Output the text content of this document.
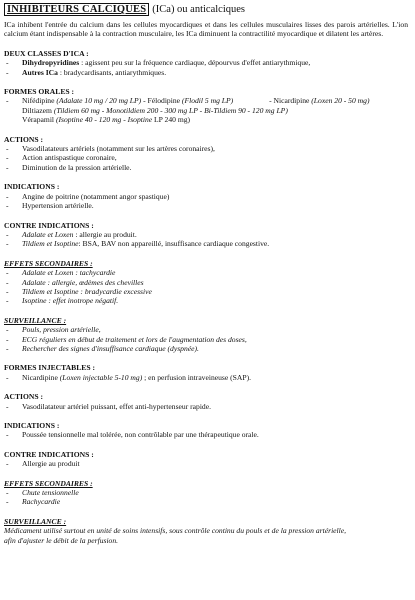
INHIBITEURS CALCIQUES (ICa) ou anticalciques

ICa inhibent l'entrée du calcium dans les cellules myocardiques et dans les cellules musculaires lisses des parois artérielles. L'ion calcium étant indispensable à la contraction musculaire, les ICa diminuent la contractilité myocardique et dilatent les artères.

DEUX CLASSES D'ICA :
- Dihydropyridines : agissent peu sur la fréquence cardiaque, dépourvus d'effet antiarythmique,
- Autres ICa : bradycardisants, antiarythmiques.
FORMES ORALES :
- Nifédipine (Adalate 10 mg / 20 mg LP) - Félodipine (Flodil 5 mg LP)	- Nicardipine (Loxen 20 - 50 mg)
Diltiazem (Tildiem 60 mg - Monotildiem 200 - 300 mg LP - Bi-Tildiem 90 - 120 mg LP)
Vérapamil (Isoptine 40 - 120 mg - Isoptine LP 240 mg)
ACTIONS :
- Vasodilatateurs artériels (notamment sur les artères coronaires),
- Action antispastique coronaire,
- Diminution de la pression artérielle.
INDICATIONS :
- Angine de poitrine (notamment angor spastique)
- Hypertension artérielle.
CONTRE INDICATIONS :
- Adalate et Loxen : allergie au produit.
- Tildiem et Isoptine: BSA, BAV non appareillé, insuffisance cardiaque congestive.
EFFETS SECONDAIRES :
- Adalate et Loxen : tachycardie
- Adalate : allergie, œdèmes des chevilles
- Tildiem et Isoptine : bradycardie excessive
- Isoptine : effet inotrope négatif.
SURVEILLANCE :
- Pouls, pression artérielle,
- ECG réguliers en début de traitement et lors de l'augmentation des doses,
- Rechercher des signes d'insuffisance cardiaque (dyspnée).
FORMES INJECTABLES :
- Nicardipine (Loxen injectable 5-10 mg) ; en perfusion intraveineuse (SAP).
ACTIONS :
- Vasodilatateur artériel puissant, effet anti-hypertenseur rapide.
INDICATIONS :
- Poussée tensionnelle mal tolérée, non contrôlable par une thérapeutique orale.
CONTRE INDICATIONS :
- Allergie au produit
EFFETS SECONDAIRES :
- Chute tensionnelle
- Rachycardie
SURVEILLANCE :
Médicament utilisé surtout en unité de soins intensifs, sous contrôle continu du pouls et de la pression artérielle,
afin d'ajuster le débit de la perfusion.
